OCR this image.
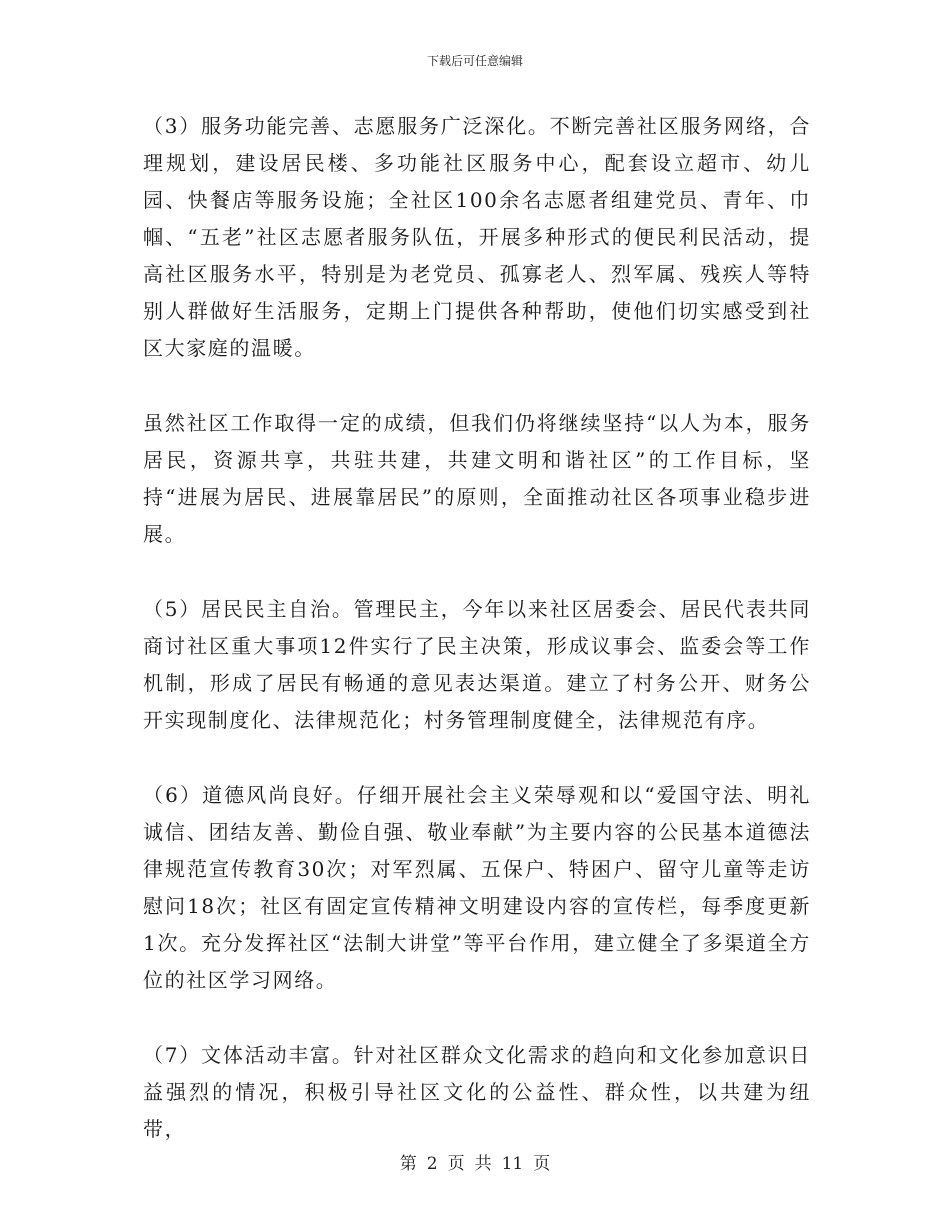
下载后可任意编辑

（3）服务功能完善、志愿服务广泛深化。不断完善社区服务网络，合理规划，建设居民楼、多功能社区服务中心，配套设立超市、幼儿园、快餐店等服务设施；全社区100余名志愿者组建党员、青年、巾帼、“五老”社区志愿者服务队伍，开展多种形式的便民利民活动，提高社区服务水平，特别是为老党员、孤寡老人、烈军属、残疾人等特别人群做好生活服务，定期上门提供各种帮助，使他们切实感受到社区大家庭的温暖。

虽然社区工作取得一定的成绩，但我们仍将继续坚持“以人为本，服务居民，资源共享，共驻共建，共建文明和谐社区”的工作目标，坚持“进展为居民、进展靠居民”的原则，全面推动社区各项事业稳步进展。

（5）居民民主自治。管理民主，今年以来社区居委会、居民代表共同商讨社区重大事项12件实行了民主决策，形成议事会、监委会等工作机制，形成了居民有畅通的意见表达渠道。建立了村务公开、财务公开实现制度化、法律规范化；村务管理制度健全，法律规范有序。

（6）道德风尚良好。仔细开展社会主义荣辱观和以“爱国守法、明礼诚信、团结友善、勤俭自强、敬业奉献”为主要内容的公民基本道德法律规范宣传教育30次；对军烈属、五保户、特困户、留守儿童等走访慰问18次；社区有固定宣传精神文明建设内容的宣传栏，每季度更新1次。充分发挥社区“法制大讲堂”等平台作用，建立健全了多渠道全方位的社区学习网络。

（7）文体活动丰富。针对社区群众文化需求的趋向和文化参加意识日益强烈的情况，积极引导社区文化的公益性、群众性，以共建为纽带，

第 2 页 共 11 页
